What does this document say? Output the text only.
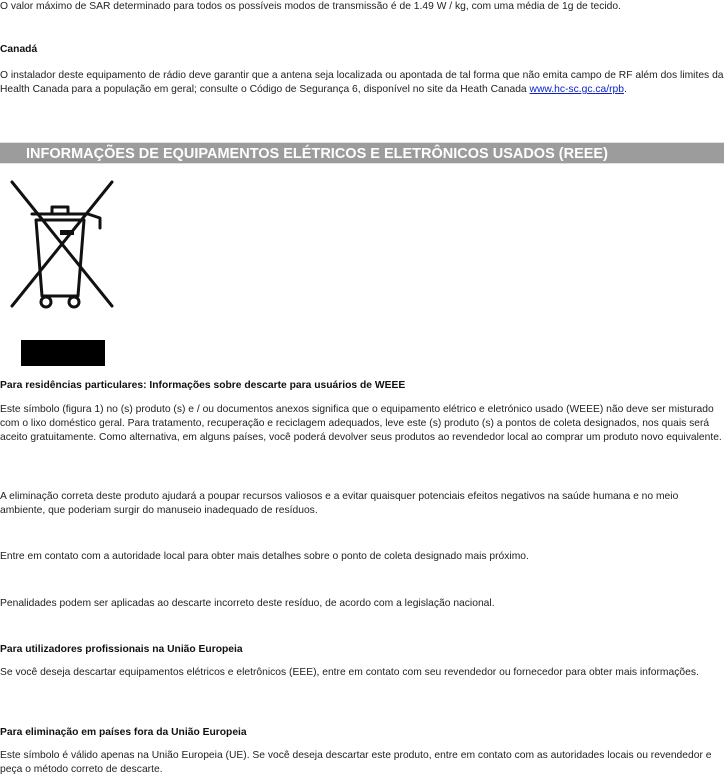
O valor máximo de SAR determinado para todos os possíveis modos de transmissão é de 1.49 W / kg, com uma média de 1g de tecido.

Canadá

O instalador deste equipamento de rádio deve garantir que a antena seja localizada ou apontada de tal forma que não emita campo de RF além dos limites da Health Canada para a população em geral; consulte o Código de Segurança 6, disponível no site da Heath Canada www.hc-sc.gc.ca/rpb.

INFORMAÇÕES DE EQUIPAMENTOS ELÉTRICOS E ELETRÔNICOS USADOS (REEE)

Para residências particulares: Informações sobre descarte para usuários de WEEE

Este símbolo (figura 1) no (s) produto (s) e / ou documentos anexos significa que o equipamento elétrico e eletrónico usado (WEEE) não deve ser misturado com o lixo doméstico geral. Para tratamento, recuperação e reciclagem adequados, leve este (s) produto (s) a pontos de coleta designados, nos quais será aceito gratuitamente. Como alternativa, em alguns países, você poderá devolver seus produtos ao revendedor local ao comprar um produto novo equivalente.

A eliminação correta deste produto ajudará a poupar recursos valiosos e a evitar quaisquer potenciais efeitos negativos na saúde humana e no meio ambiente, que poderiam surgir do manuseio inadequado de resíduos.

Entre em contato com a autoridade local para obter mais detalhes sobre o ponto de coleta designado mais próximo.

Penalidades podem ser aplicadas ao descarte incorreto deste resíduo, de acordo com a legislação nacional.

Para utilizadores profissionais na União Europeia

Se você deseja descartar equipamentos elétricos e eletrônicos (EEE), entre em contato com seu revendedor ou fornecedor para obter mais informações.

Para eliminação em países fora da União Europeia

Este símbolo é válido apenas na União Europeia (UE). Se você deseja descartar este produto, entre em contato com as autoridades locais ou revendedor e peça o método correto de descarte.
